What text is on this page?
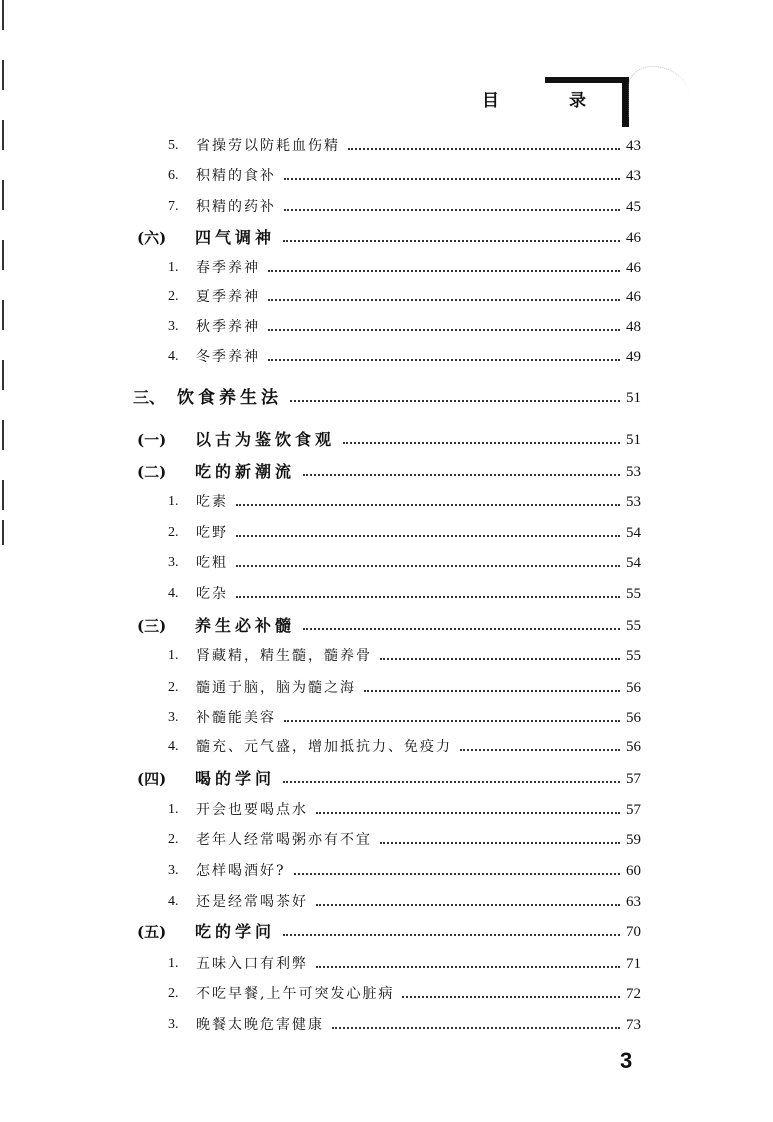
目	录
5.	省操劳以防耗血伤精	43
6.	积精的食补	43
7.	积精的药补	45
(六)	四气调神	46
1.	春季养神	46
2.	夏季养神	46
3.	秋季养神	48
4.	冬季养神	49
三、 饮食养生法	51
(一)	以古为鉴饮食观	51
(二)	吃的新潮流	53
1.	吃素	53
2.	吃野	54
3.	吃粗	54
4.	吃杂	55
(三)	养生必补髓	55
1.	肾藏精，精生髓，髓养骨	55
2.	髓通于脑，脑为髓之海	56
3.	补髓能美容	56
4.	髓充、元气盛，增加抵抗力、免疫力	56
(四)	喝的学问	57
1.	开会也要喝点水	57
2.	老年人经常喝粥亦有不宜	59
3.	怎样喝酒好?	60
4.	还是经常喝茶好	63
(五)	吃的学问	70
1.	五味入口有利弊	71
2.	不吃早餐,上午可突发心脏病	72
3.	晚餐太晚危害健康	73
3
